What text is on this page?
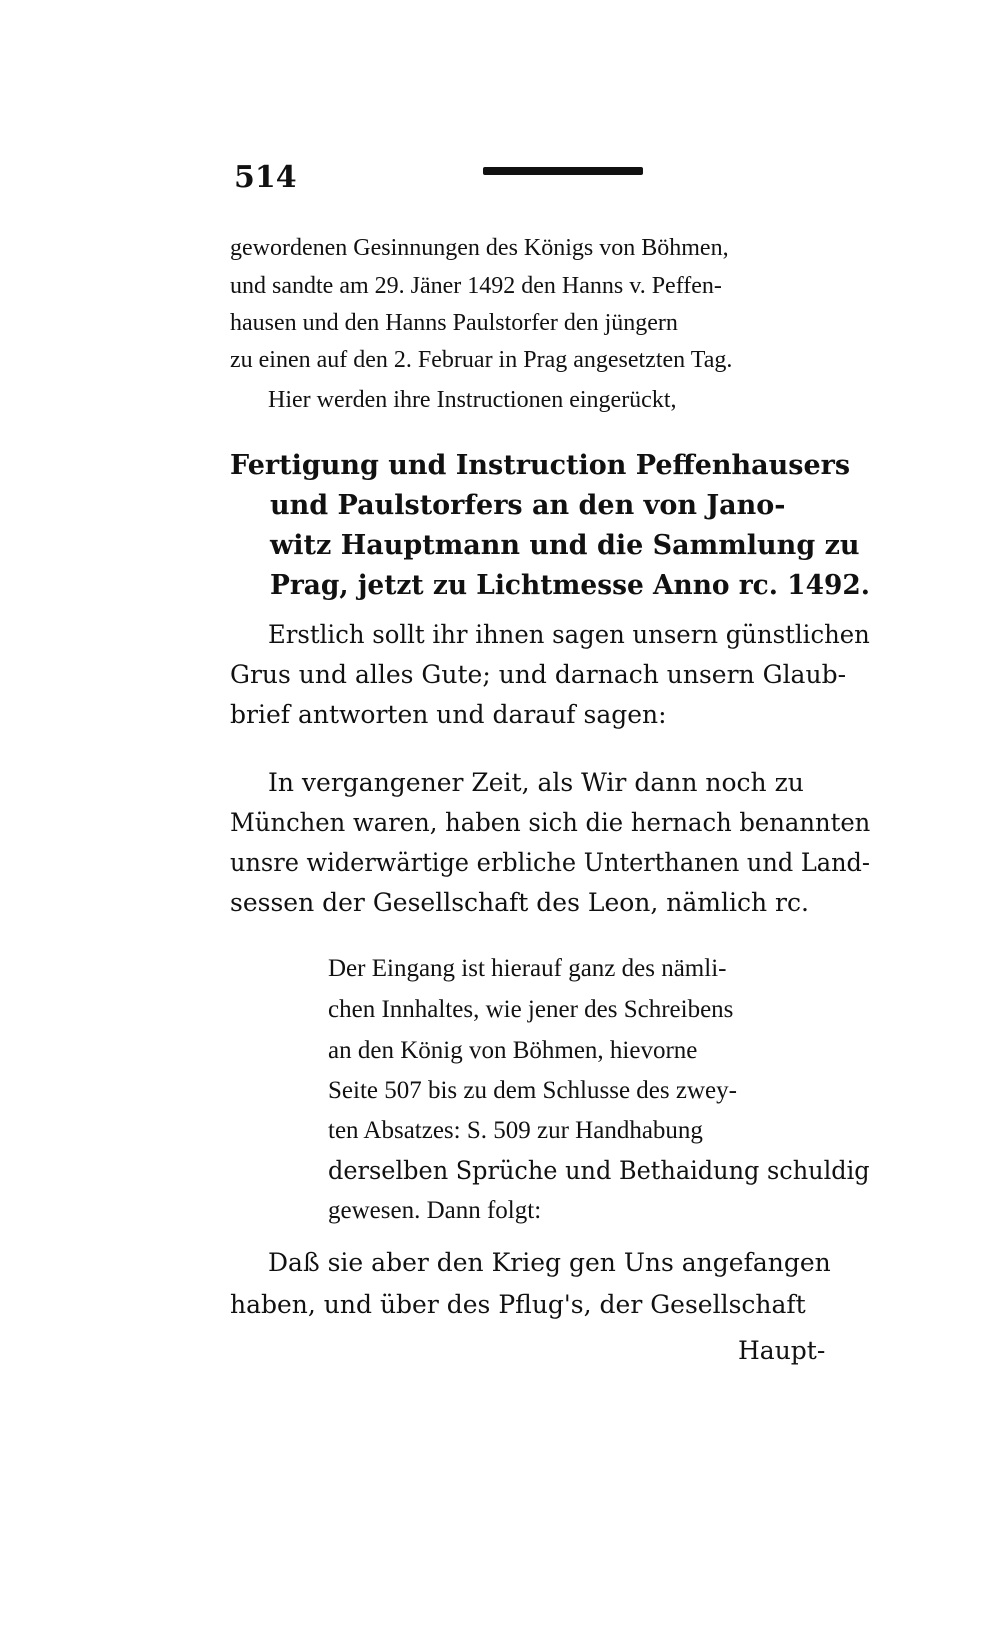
514
gewordenen Gesinnungen des Königs von Böhmen,
und sandte am 29. Jäner 1492 den Hanns v. Peffen-
hausen und den Hanns Paulstorfer den jüngern
zu einen auf den 2. Februar in Prag angesetzten Tag.
Hier werden ihre Instructionen eingerückt,
Fertigung und Instruction Peffenhausers
und Paulstorfers an den von Jano-
witz Hauptmann und die Sammlung zu
Prag, jetzt zu Lichtmesse Anno rc. 1492.
Erstlich sollt ihr ihnen sagen unsern günstlichen
Grus und alles Gute; und darnach unsern Glaub-
brief antworten und darauf sagen:
In vergangener Zeit, als Wir dann noch zu
München waren, haben sich die hernach benannten
unsre widerwärtige erbliche Unterthanen und Land-
sessen der Gesellschaft des Leon, nämlich rc.
Der Eingang ist hierauf ganz des nämli-
chen Innhaltes, wie jener des Schreibens
an den König von Böhmen, hievorne
Seite 507 bis zu dem Schlusse des zwey-
ten Absatzes: S. 509 zur Handhabung
derselben Sprüche und Bethaidung schuldig
gewesen. Dann folgt:
Daß sie aber den Krieg gen Uns angefangen
haben, und über des Pflug's, der Gesellschaft
Haupt-
